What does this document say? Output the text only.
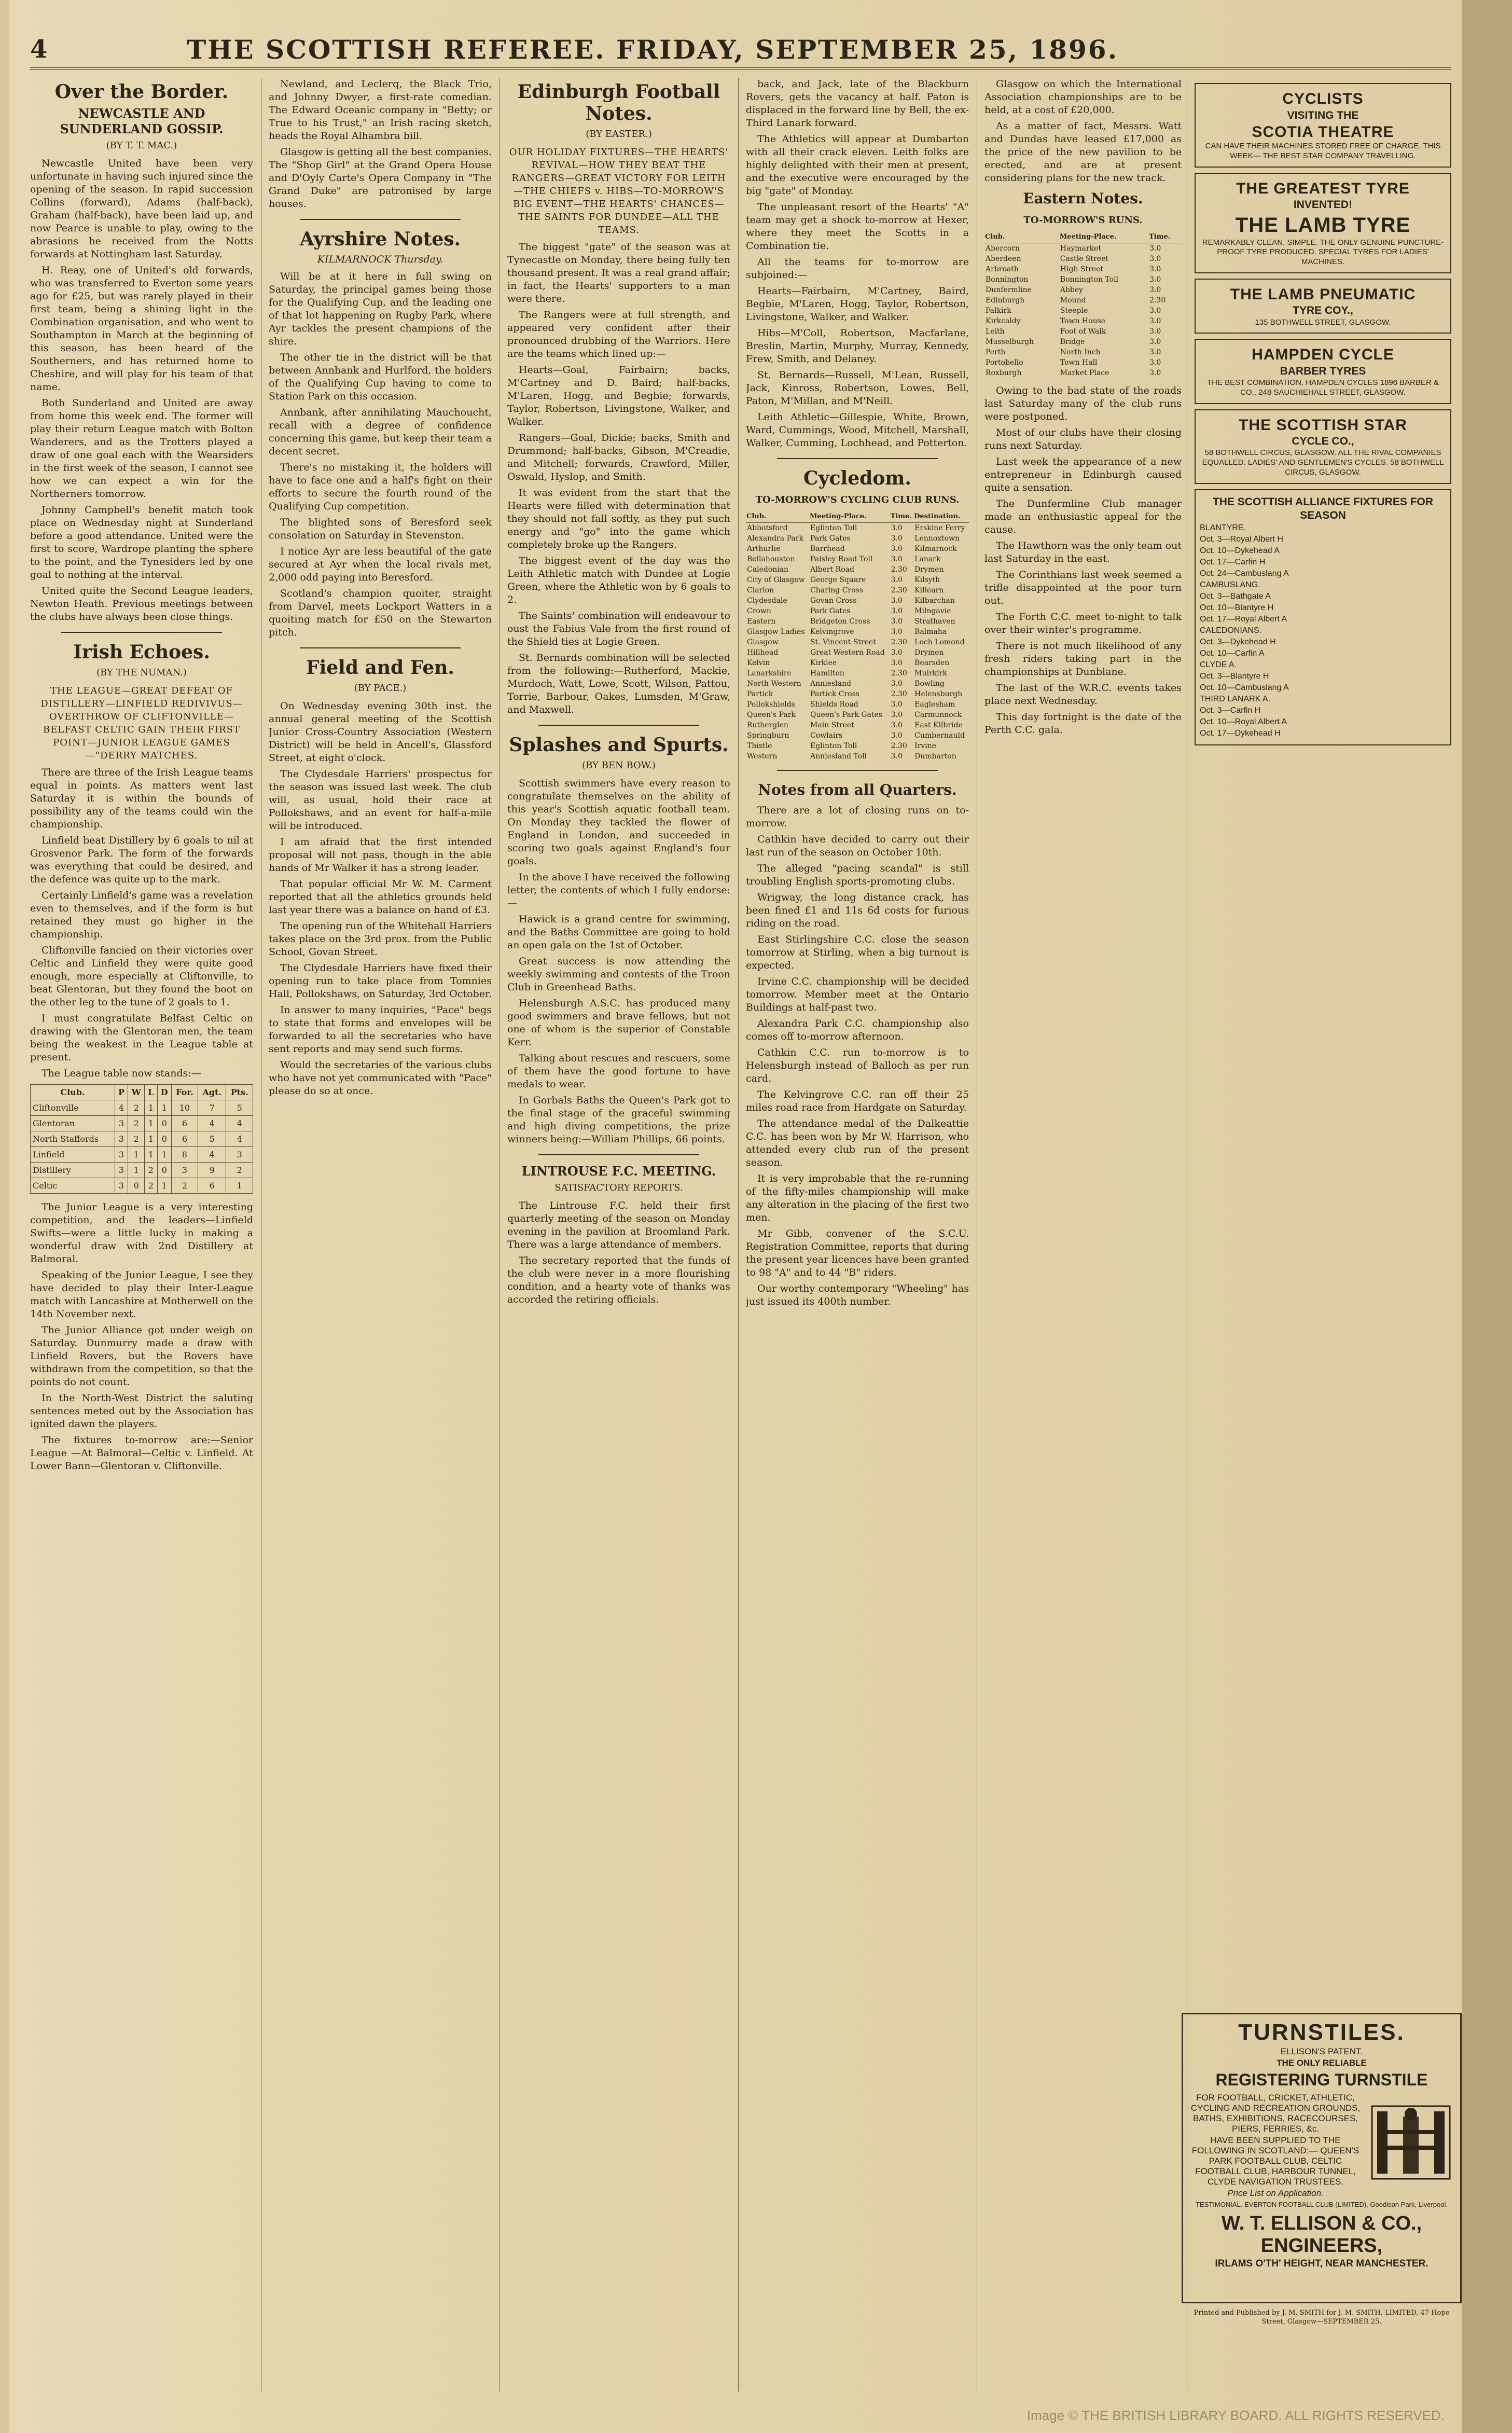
4	THE SCOTTISH REFEREE. FRIDAY, SEPTEMBER 25, 1896.
Over the Border.
NEWCASTLE AND SUNDERLAND GOSSIP.
(BY T. T. MAC.)

Newcastle United have been very unfortunate in having such injured since the opening of the season. In rapid succession Collins (forward), Adams (half-back), Graham (half-back), have been laid up, and now Pearce is unable to play, owing to the abrasions he received from the Notts forwards at Nottingham last Saturday.

H. Reay, one of United's old forwards, who was transferred to Everton some years ago for £25, but was rarely played in their first team, being a shining light in the Combination organisation, and who went to Southampton in March at the beginning of this season, has been heard of the Southerners, and has returned home to Cheshire, and will play for his team of that name.

Both Sunderland and United are away from home this week end. The former will play their return League match with Bolton Wanderers, and as the Trotters played a draw of one goal each with the Wearsiders in the first week of the season, I cannot see how we can expect a win for the Northerners tomorrow.

Johnny Campbell's benefit match took place on Wednesday night at Sunderland before a good attendance. United were the first to score, Wardrope planting the sphere to the point, and the Tynesiders led by one goal to nothing at the interval.

United quite the Second League leaders, Newton Heath. Previous meetings between the clubs have always been close things.

Irish Echoes.
(BY THE NUMAN.)
THE LEAGUE—GREAT DEFEAT OF DISTILLERY—LINFIELD REDIVIVUS—OVERTHROW OF CLIFTONVILLE—BELFAST CELTIC GAIN THEIR FIRST POINT—JUNIOR LEAGUE GAMES—"DERRY MATCHES.

There are three of the Irish League teams equal in points. As matters went last Saturday it is within the bounds of possibility any of the teams could win the championship.

Linfield beat Distillery by 6 goals to nil at Grosvenor Park. The form of the forwards was everything that could be desired, and the defence was quite up to the mark.

Certainly Linfield's game was a revelation even to themselves, and if the form is but retained they must go higher in the championship.

Cliftonville fancied on their victories over Celtic and Linfield they were quite good enough, more especially at Cliftonville, to beat Glentoran, but they found the boot on the other leg to the tune of 2 goals to 1.

I must congratulate Belfast Celtic on drawing with the Glentoran men, the team being the weakest in the League table at present.

The League table now stands:—

Club.	P	W	L	D	For.	Agt.	Pts.
Cliftonville	4	2	1	1	10	7	5
Glentoran	3	2	1	0	6	4	4
North Staffords	3	2	1	0	6	5	4
Linfield	3	1	1	1	8	4	3
Distillery	3	1	2	0	3	9	2
Celtic	3	0	2	1	2	6	1

The Junior League is a very interesting competition, and the leaders—Linfield Swifts—were a little lucky in making a wonderful draw with 2nd Distillery at Balmoral.

Speaking of the Junior League, I see they have decided to play their Inter-League match with Lancashire at Motherwell on the 14th November next.

The Junior Alliance got under weigh on Saturday. Dunmurry made a draw with Linfield Rovers, but the Rovers have withdrawn from the competition, so that the points do not count.

In the North-West District the saluting sentences meted out by the Association has ignited dawn the players.

The fixtures to-morrow are:—Senior League —At Balmoral—Celtic v. Linfield. At Lower Bann—Glentoran v. Cliftonville.

Newland, and Leclerq, the Black Trio, and Johnny Dwyer, a first-rate comedian. The Edward Oceanic company in "Betty; or True to his Trust," an Irish racing sketch, heads the Royal Alhambra bill.

Glasgow is getting all the best companies. The "Shop Girl" at the Grand Opera House and D'Oyly Carte's Opera Company in "The Grand Duke" are patronised by large houses.

Ayrshire Notes.
KILMARNOCK Thursday.

Will be at it here in full swing on Saturday, the principal games being those for the Qualifying Cup, and the leading one of that lot happening on Rugby Park, where Ayr tackles the present champions of the shire.

The other tie in the district will be that between Annbank and Hurlford, the holders of the Qualifying Cup having to come to Station Park on this occasion.

Annbank, after annihilating Mauchoucht, recall with a degree of confidence concerning this game, but keep their team a decent secret.

There's no mistaking it, the holders will have to face one and a half's fight on their efforts to secure the fourth round of the Qualifying Cup competition.

The blighted sons of Beresford seek consolation on Saturday in Stevenston.

I notice Ayr are less beautiful of the gate secured at Ayr when the local rivals met, 2,000 odd paying into Beresford.

Scotland's champion quoiter, straight from Darvel, meets Lockport Watters in a quoiting match for £50 on the Stewarton pitch.

Field and Fen.
(BY PACE.)

On Wednesday evening 30th inst. the annual general meeting of the Scottish Junior Cross-Country Association (Western District) will be held in Ancell's, Glassford Street, at eight o'clock.

The Clydesdale Harriers' prospectus for the season was issued last week. The club will, as usual, hold their race at Pollokshaws, and an event for half-a-mile will be introduced.

I am afraid that the first intended proposal will not pass, though in the able hands of Mr Walker it has a strong leader.

That popular official Mr W. M. Carment reported that all the athletics grounds held last year there was a balance on hand of £3.

The opening run of the Whitehall Harriers takes place on the 3rd prox. from the Public School, Govan Street.

The Clydesdale Harriers have fixed their opening run to take place from Tomnies Hall, Pollokshaws, on Saturday, 3rd October.

In answer to many inquiries, "Pace" begs to state that forms and envelopes will be forwarded to all the secretaries who have sent reports and may send such forms.

Would the secretaries of the various clubs who have not yet communicated with "Pace" please do so at once.

Edinburgh Football Notes.
(BY EASTER.)
OUR HOLIDAY FIXTURES—THE HEARTS' REVIVAL—HOW THEY BEAT THE RANGERS—GREAT VICTORY FOR LEITH—THE CHIEFS v. HIBS—TO-MORROW'S BIG EVENT—THE HEARTS' CHANCES—THE SAINTS FOR DUNDEE—ALL THE TEAMS.

The biggest "gate" of the season was at Tynecastle on Monday, there being fully ten thousand present. It was a real grand affair; in fact, the Hearts' supporters to a man were there.

The Rangers were at full strength, and appeared very confident after their pronounced drubbing of the Warriors. Here are the teams which lined up:—

Hearts—Goal, Fairbairn; backs, M'Cartney and D. Baird; half-backs, M'Laren, Hogg, and Begbie; forwards, Taylor, Robertson, Livingstone, Walker, and Walker.

Rangers—Goal, Dickie; backs, Smith and Drummond; half-backs, Gibson, M'Creadie, and Mitchell; forwards, Crawford, Miller, Oswald, Hyslop, and Smith.

It was evident from the start that the Hearts were filled with determination that they should not fall softly, as they put such energy and "go" into the game which completely broke up the Rangers.

The biggest event of the day was the Leith Athletic match with Dundee at Logie Green, where the Athletic won by 6 goals to 2.

The Saints' combination will endeavour to oust the Fabius Vale from the first round of the Shield ties at Logie Green.

St. Bernards combination will be selected from the following:—Rutherford, Mackie, Murdoch, Watt, Lowe, Scott, Wilson, Pattou, Torrie, Barbour, Oakes, Lumsden, M'Graw, and Maxwell.

Splashes and Spurts.
(BY BEN BOW.)

Scottish swimmers have every reason to congratulate themselves on the ability of this year's Scottish aquatic football team. On Monday they tackled the flower of England in London, and succeeded in scoring two goals against England's four goals.

In the above I have received the following letter, the contents of which I fully endorse:—

Hawick is a grand centre for swimming, and the Baths Committee are going to hold an open gala on the 1st of October.

Great success is now attending the weekly swimming and contests of the Troon Club in Greenhead Baths.

Helensburgh A.S.C. has produced many good swimmers and brave fellows, but not one of whom is the superior of Constable Kerr.

Talking about rescues and rescuers, some of them have the good fortune to have medals to wear.

In Gorbals Baths the Queen's Park got to the final stage of the graceful swimming and high diving competitions, the prize winners being:—William Phillips, 66 points.

LINTROUSE F.C. MEETING.
SATISFACTORY REPORTS.

The Lintrouse F.C. held their first quarterly meeting of the season on Monday evening in the pavilion at Broomland Park. There was a large attendance of members.

The secretary reported that the funds of the club were never in a more flourishing condition, and a hearty vote of thanks was accorded the retiring officials.

back, and Jack, late of the Blackburn Rovers, gets the vacancy at half. Paton is displaced in the forward line by Bell, the ex-Third Lanark forward.

The Athletics will appear at Dumbarton with all their crack eleven. Leith folks are highly delighted with their men at present, and the executive were encouraged by the big "gate" of Monday.

The unpleasant resort of the Hearts' "A" team may get a shock to-morrow at Hexer, where they meet the Scotts in a Combination tie.

All the teams for to-morrow are subjoined:—

Hearts—Fairbairn, M'Cartney, Baird, Begbie, M'Laren, Hogg, Taylor, Robertson, Livingstone, Walker, and Walker.

Hibs—M'Coll, Robertson, Macfarlane, Breslin, Martin, Murphy, Murray, Kennedy, Frew, Smith, and Delaney.

St. Bernards—Russell, M'Lean, Russell, Jack, Kinross, Robertson, Lowes, Bell, Paton, M'Millan, and M'Neill.

Leith Athletic—Gillespie, White, Brown, Ward, Cummings, Wood, Mitchell, Marshall, Walker, Cumming, Lochhead, and Potterton.

Cycledom.
TO-MORROW'S CYCLING CLUB RUNS.
Club.	Meeting-Place.	Time.	Destination.
Abbotsford	Eglinton Toll	3.0	Erskine Ferry
Alexandra Park	Park Gates	3.0	Lennoxtown
Arthurlie	Barrhead	3.0	Kilmarnock
Bellahouston	Paisley Road Toll	3.0	Lanark
Caledonian	Albert Road	2.30	Drymen
City of Glasgow	George Square	3.0	Kilsyth
Clarion	Charing Cross	2.30	Killearn
Clydesdale	Govan Cross	3.0	Kilbarchan
Crown	Park Gates	3.0	Milngavie
Eastern	Bridgeton Cross	3.0	Strathaven
Glasgow Ladies	Kelvingrove	3.0	Balmaha
Glasgow	St. Vincent Street	2.30	Loch Lomond
Hillhead	Great Western Road	3.0	Drymen
Kelvin	Kirklee	3.0	Bearsden
Lanarkshire	Hamilton	2.30	Muirkirk
North Western	Anniesland	3.0	Bowling
Partick	Partick Cross	2.30	Helensburgh
Pollokshields	Shields Road	3.0	Eaglesham
Queen's Park	Queen's Park Gates	3.0	Carmunnock
Rutherglen	Main Street	3.0	East Kilbride
Springburn	Cowlairs	3.0	Cumbernauld
Thistle	Eglinton Toll	2.30	Irvine
Western	Anniesland Toll	3.0	Dumbarton
Notes from all Quarters.

There are a lot of closing runs on to-morrow.

Cathkin have decided to carry out their last run of the season on October 10th.

The alleged "pacing scandal" is still troubling English sports-promoting clubs.

Wrigway, the long distance crack, has been fined £1 and 11s 6d costs for furious riding on the road.

East Stirlingshire C.C. close the season tomorrow at Stirling, when a big turnout is expected.

Irvine C.C. championship will be decided tomorrow. Member meet at the Ontario Buildings at half-past two.

Alexandra Park C.C. championship also comes off to-morrow afternoon.

Cathkin C.C. run to-morrow is to Helensburgh instead of Balloch as per run card.

The Kelvingrove C.C. ran off their 25 miles road race from Hardgate on Saturday.

The attendance medal of the Dalkeattie C.C. has been won by Mr W. Harrison, who attended every club run of the present season.

It is very improbable that the re-running of the fifty-miles championship will make any alteration in the placing of the first two men.

Mr Gibb, convener of the S.C.U. Registration Committee, reports that during the present year licences have been granted to 98 "A" and to 44 "B" riders.

Our worthy contemporary "Wheeling" has just issued its 400th number.

Glasgow on which the International Association championships are to be held, at a cost of £20,000.

As a matter of fact, Messrs. Watt and Dundas have leased £17,000 as the price of the new pavilion to be erected, and are at present considering plans for the new track.

Eastern Notes.
TO-MORROW'S RUNS.
Club.	Meeting-Place.	Time.
Abercorn	Haymarket	3.0
Aberdeen	Castle Street	3.0
Arbroath	High Street	3.0
Bonnington	Bonnington Toll	3.0
Dunfermline	Abbey	3.0
Edinburgh	Mound	2.30
Falkirk	Steeple	3.0
Kirkcaldy	Town House	3.0
Leith	Foot of Walk	3.0
Musselburgh	Bridge	3.0
Perth	North Inch	3.0
Portobello	Town Hall	3.0
Roxburgh	Market Place	3.0

Owing to the bad state of the roads last Saturday many of the club runs were postponed.

Most of our clubs have their closing runs next Saturday.

Last week the appearance of a new entrepreneur in Edinburgh caused quite a sensation.

The Dunfermline Club manager made an enthusiastic appeal for the cause.

The Hawthorn was the only team out last Saturday in the east.

The Corinthians last week seemed a trifle disappointed at the poor turn out.

The Forth C.C. meet to-night to talk over their winter's programme.

There is not much likelihood of any fresh riders taking part in the championships at Dunblane.

The last of the W.R.C. events takes place next Wednesday.

This day fortnight is the date of the Perth C.C. gala.

CYCLISTS
VISITING THE
SCOTIA THEATRE
CAN HAVE THEIR MACHINES STORED FREE OF CHARGE. THIS WEEK— THE BEST STAR COMPANY TRAVELLING.
THE GREATEST TYRE
INVENTED!
THE LAMB TYRE
REMARKABLY CLEAN, SIMPLE. THE ONLY GENUINE PUNCTURE-PROOF TYRE PRODUCED. SPECIAL TYRES FOR LADIES' MACHINES.
THE LAMB PNEUMATIC
TYRE COY.,
135 BOTHWELL STREET, GLASGOW.
HAMPDEN CYCLE
BARBER TYRES
THE BEST COMBINATION. HAMPDEN CYCLES 1896 BARBER & CO., 248 SAUCHIEHALL STREET, GLASGOW.
THE SCOTTISH STAR
CYCLE CO.,
58 BOTHWELL CIRCUS, GLASGOW. ALL THE RIVAL COMPANIES EQUALLED. LADIES' AND GENTLEMEN'S CYCLES. 58 BOTHWELL CIRCUS, GLASGOW.
THE SCOTTISH ALLIANCE FIXTURES FOR SEASON
BLANTYRE.
Oct. 3—Royal Albert H
Oct. 10—Dykehead A
Oct. 17—Carfin H
Oct. 24—Cambuslang A
CAMBUSLANG.
Oct. 3—Bathgate A
Oct. 10—Blantyre H
Oct. 17—Royal Albert A
CALEDONIANS.
Oct. 3—Dykehead H
Oct. 10—Carfin A
CLYDE A.
Oct. 3—Blantyre H
Oct. 10—Cambuslang A
THIRD LANARK A.
Oct. 3—Carfin H
Oct. 10—Royal Albert A
Oct. 17—Dykehead H
TURNSTILES.
ELLISON'S PATENT.
THE ONLY RELIABLE
REGISTERING TURNSTILE
FOR FOOTBALL, CRICKET, ATHLETIC, CYCLING AND RECREATION GROUNDS, BATHS, EXHIBITIONS, RACECOURSES, PIERS, FERRIES, &c.
HAVE BEEN SUPPLIED TO THE FOLLOWING IN SCOTLAND:— QUEEN'S PARK FOOTBALL CLUB, CELTIC FOOTBALL CLUB, HARBOUR TUNNEL, CLYDE NAVIGATION TRUSTEES.
Price List on Application.
TESTIMONIAL. EVERTON FOOTBALL CLUB (LIMITED), Goodison Park, Liverpool.
W. T. ELLISON & CO., ENGINEERS,
IRLAMS O'TH' HEIGHT, NEAR MANCHESTER.
Printed and Published by J. M. SMITH for J. M. SMITH, LIMITED, 47 Hope Street, Glasgow—SEPTEMBER 25.
Image © THE BRITISH LIBRARY BOARD. ALL RIGHTS RESERVED.
